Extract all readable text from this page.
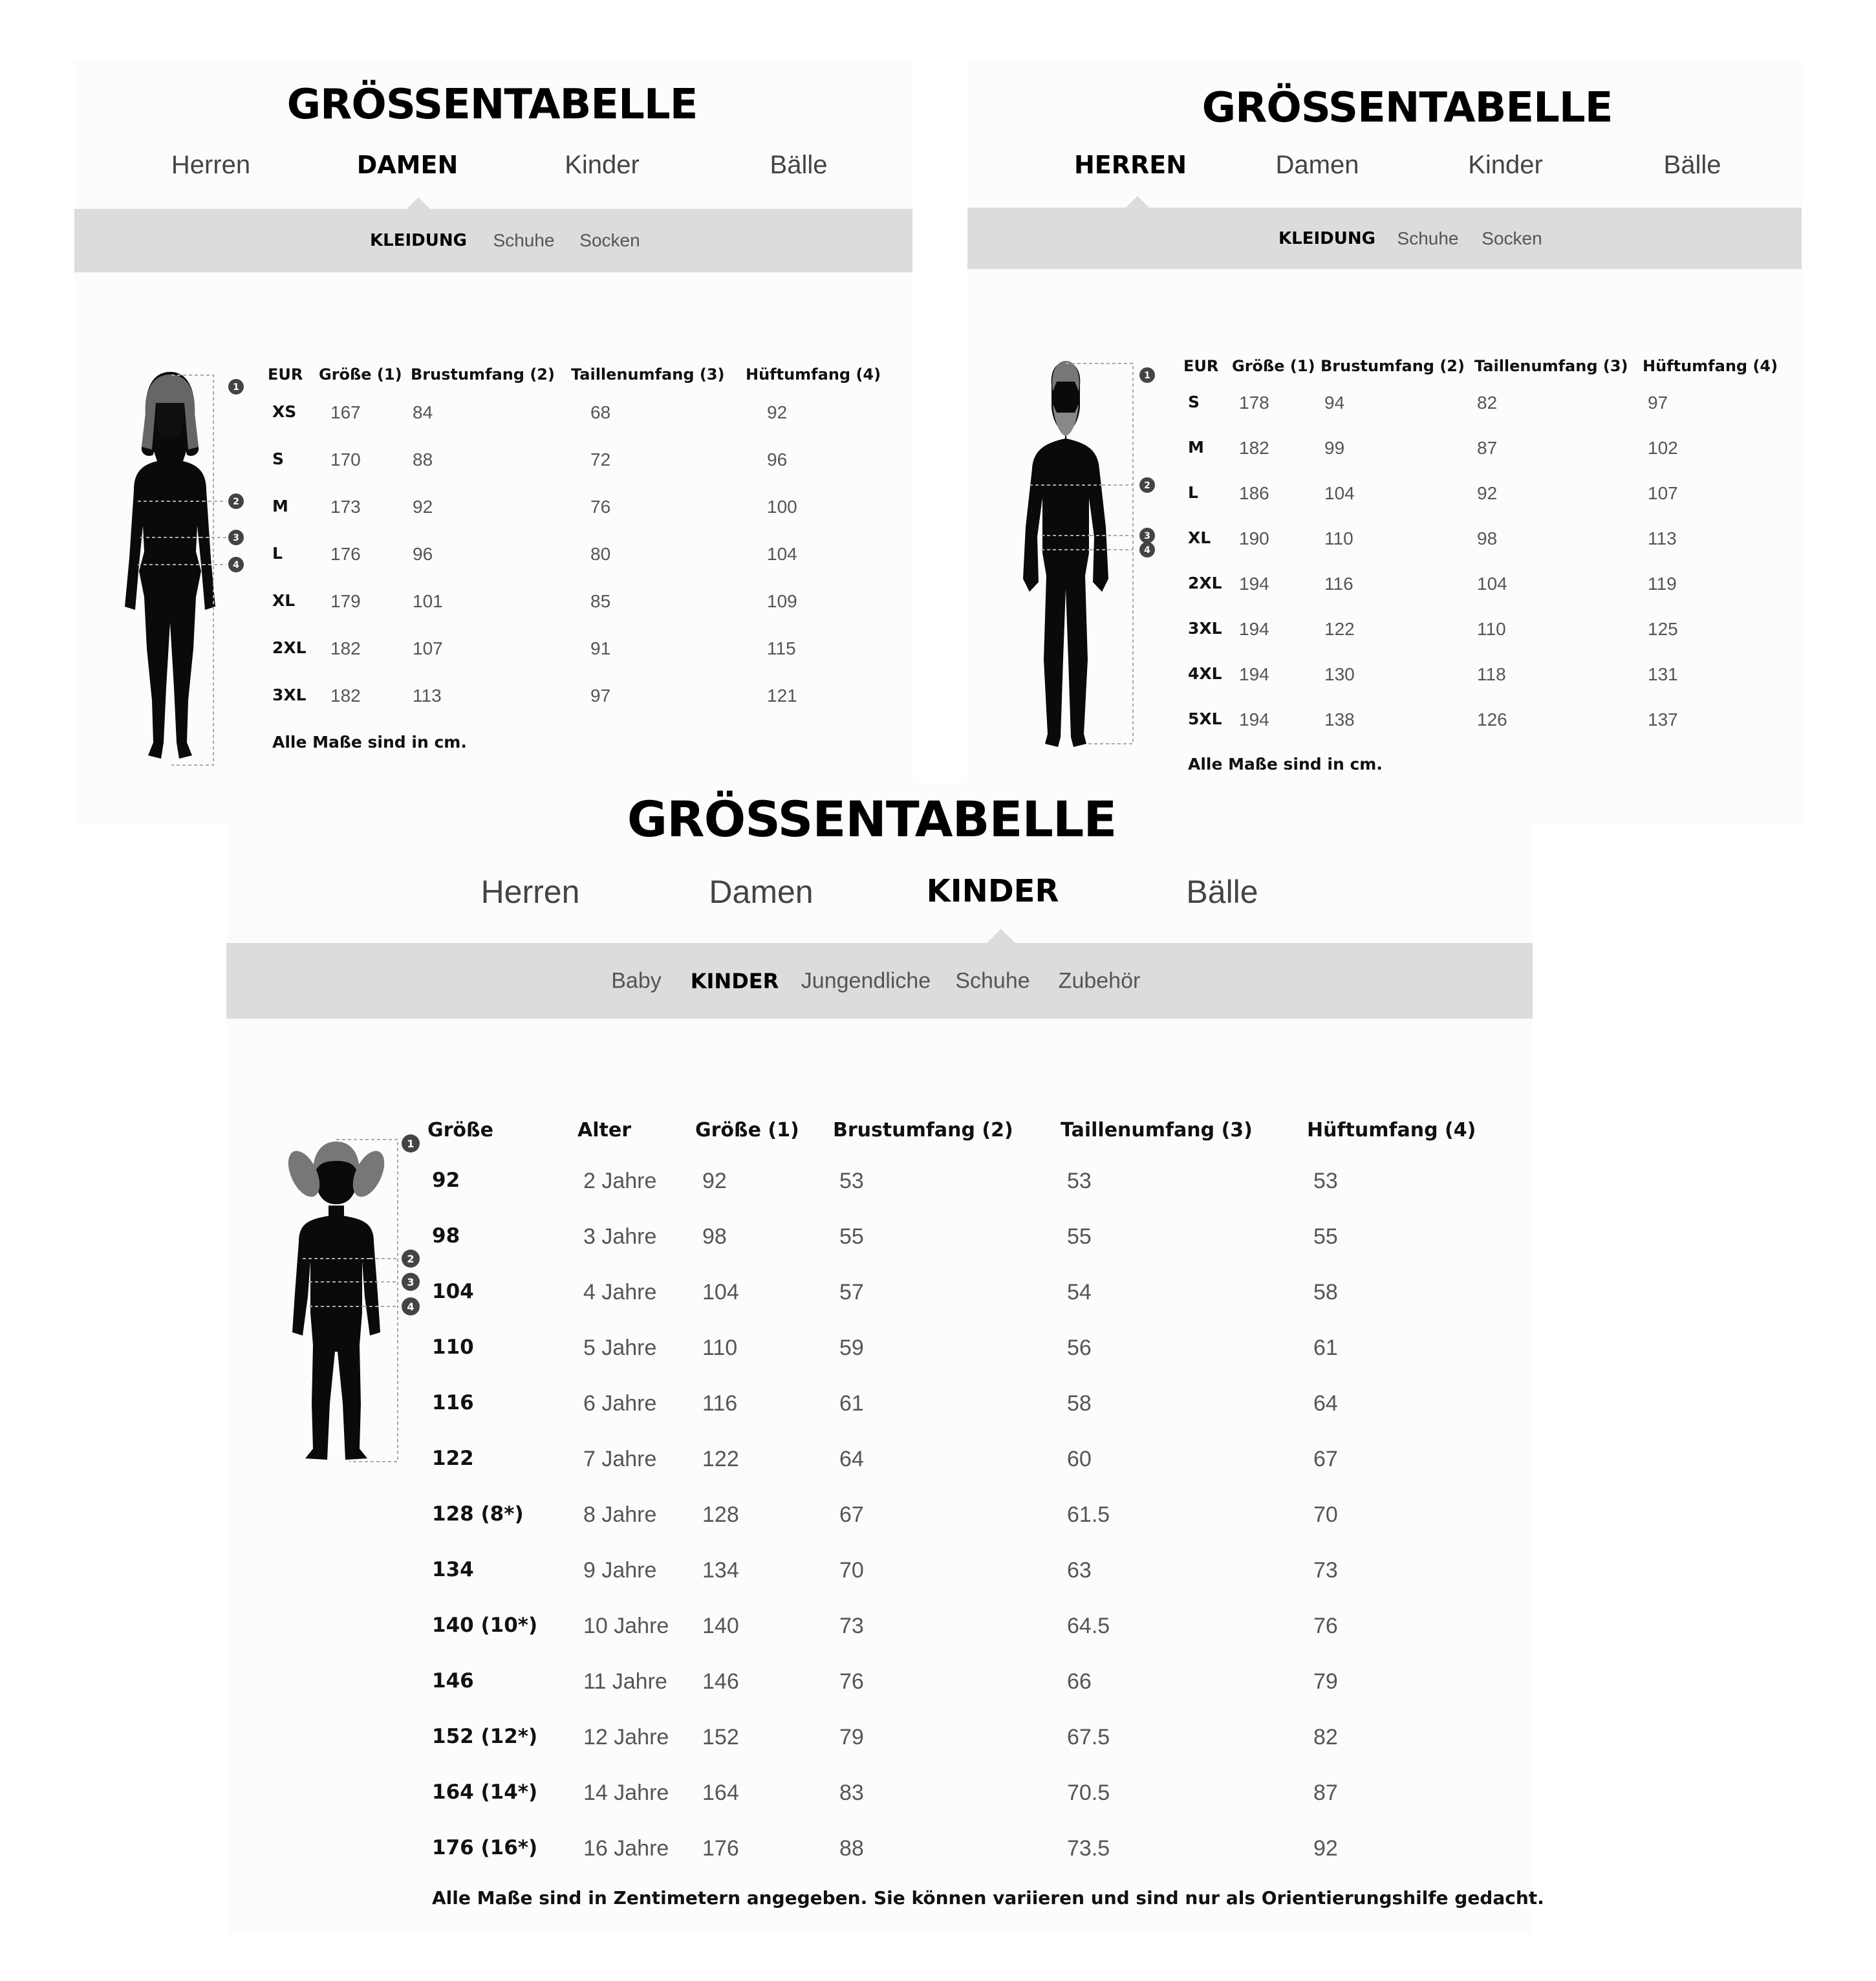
GRÖSSENTABELLE
Herren	DAMEN	Kinder	Bälle
KLEIDUNG Schuhe Socken
1
2
3
4
EUR Größe (1) Brustumfang (2) Taillenumfang (3) Hüftumfang (4)
XS 167	84	68	92
S	170	88	72	96
M 173	92	76	100
L	176	96	80	104
XL 179	101	85	109
2XL 182	107	91	115
3XL 182	113	97	121
Alle Maße sind in cm.
GRÖSSENTABELLE
HERREN	Damen	Kinder	Bälle
KLEIDUNG Schuhe Socken
1
2
3
4
EUR Größe (1) Brustumfang (2) Taillenumfang (3) Hüftumfang (4)
S 178	94	82	97
M 182	99	87	102
L 186	104	92	107
XL 190	110	98	113
2XL 194	116	104	119
3XL 194	122	110	125
4XL 194	130	118	131
5XL 194	138	126	137
Alle Maße sind in cm.
GRÖSSENTABELLE
Herren	Damen	KINDER	Bälle
Baby KINDER Jungendliche Schuhe Zubehör
1
2
3
4
Größe	Alter	Größe (1) Brustumfang (2) Taillenumfang (3)	Hüftumfang (4)
92	2 Jahre 92	53	53	53
98	3 Jahre 98	55	55	55
104	4 Jahre 104	57	54	58
110	5 Jahre 110	59	56	61
116	6 Jahre 116	61	58	64
122	7 Jahre 122	64	60	67
128 (8*)	8 Jahre 128	67	61.5	70
134	9 Jahre 134	70	63	73
140 (10*) 10 Jahre 140	73	64.5	76
146	11 Jahre 146	76	66	79
152 (12*) 12 Jahre 152	79	67.5	82
164 (14*) 14 Jahre 164	83	70.5	87
176 (16*) 16 Jahre 176	88	73.5	92
Alle Maße sind in Zentimetern angegeben. Sie können variieren und sind nur als Orientierungshilfe gedacht.
